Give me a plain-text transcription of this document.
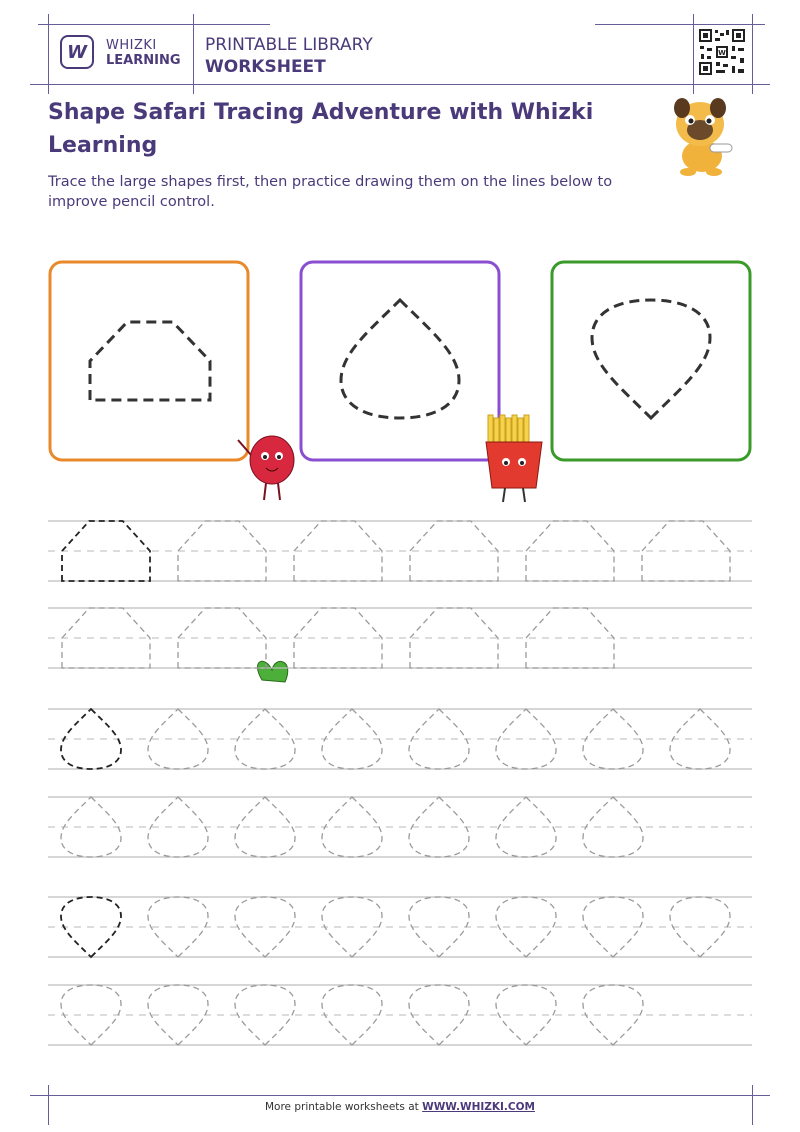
W WHIZKI
LEARNING
PRINTABLE LIBRARY
WORKSHEET
W
Shape Safari Tracing Adventure with Whizki Learning
Trace the large shapes first, then practice drawing them on the lines below to improve pencil control.
More printable worksheets at WWW.WHIZKI.COM
